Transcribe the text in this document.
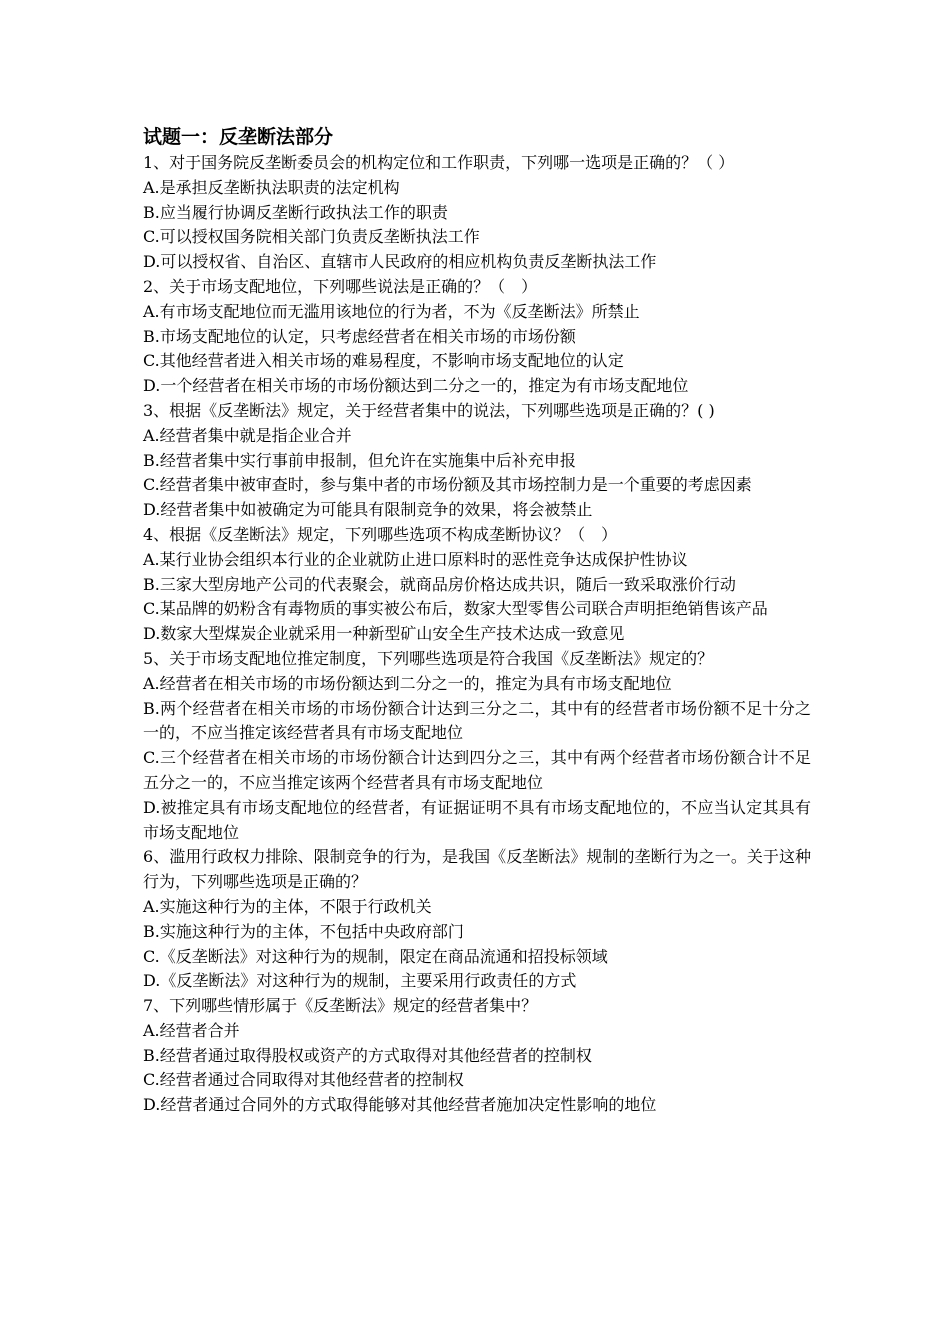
试题一：反垄断法部分

1、对于国务院反垄断委员会的机构定位和工作职责，下列哪一选项是正确的？（ ）

A.是承担反垄断执法职责的法定机构

B.应当履行协调反垄断行政执法工作的职责

C.可以授权国务院相关部门负责反垄断执法工作

D.可以授权省、自治区、直辖市人民政府的相应机构负责反垄断执法工作

2、关于市场支配地位，下列哪些说法是正确的？（　）

A.有市场支配地位而无滥用该地位的行为者，不为《反垄断法》所禁止

B.市场支配地位的认定，只考虑经营者在相关市场的市场份额

C.其他经营者进入相关市场的难易程度，不影响市场支配地位的认定

D.一个经营者在相关市场的市场份额达到二分之一的，推定为有市场支配地位

3、根据《反垄断法》规定，关于经营者集中的说法，下列哪些选项是正确的？( )

A.经营者集中就是指企业合并

B.经营者集中实行事前申报制，但允许在实施集中后补充申报

C.经营者集中被审查时，参与集中者的市场份额及其市场控制力是一个重要的考虑因素

D.经营者集中如被确定为可能具有限制竞争的效果，将会被禁止

4、根据《反垄断法》规定，下列哪些选项不构成垄断协议？（　）

A.某行业协会组织本行业的企业就防止进口原料时的恶性竞争达成保护性协议

B.三家大型房地产公司的代表聚会，就商品房价格达成共识，随后一致采取涨价行动

C.某品牌的奶粉含有毒物质的事实被公布后，数家大型零售公司联合声明拒绝销售该产品

D.数家大型煤炭企业就采用一种新型矿山安全生产技术达成一致意见

5、关于市场支配地位推定制度，下列哪些选项是符合我国《反垄断法》规定的？

A.经营者在相关市场的市场份额达到二分之一的，推定为具有市场支配地位

B.两个经营者在相关市场的市场份额合计达到三分之二，其中有的经营者市场份额不足十分之一的，不应当推定该经营者具有市场支配地位

C.三个经营者在相关市场的市场份额合计达到四分之三，其中有两个经营者市场份额合计不足五分之一的，不应当推定该两个经营者具有市场支配地位

D.被推定具有市场支配地位的经营者，有证据证明不具有市场支配地位的，不应当认定其具有市场支配地位

6、滥用行政权力排除、限制竞争的行为，是我国《反垄断法》规制的垄断行为之一。关于这种行为，下列哪些选项是正确的？

A.实施这种行为的主体，不限于行政机关

B.实施这种行为的主体，不包括中央政府部门

C.《反垄断法》对这种行为的规制，限定在商品流通和招投标领域

D.《反垄断法》对这种行为的规制，主要采用行政责任的方式

7、下列哪些情形属于《反垄断法》规定的经营者集中？

A.经营者合并

B.经营者通过取得股权或资产的方式取得对其他经营者的控制权

C.经营者通过合同取得对其他经营者的控制权

D.经营者通过合同外的方式取得能够对其他经营者施加决定性影响的地位
